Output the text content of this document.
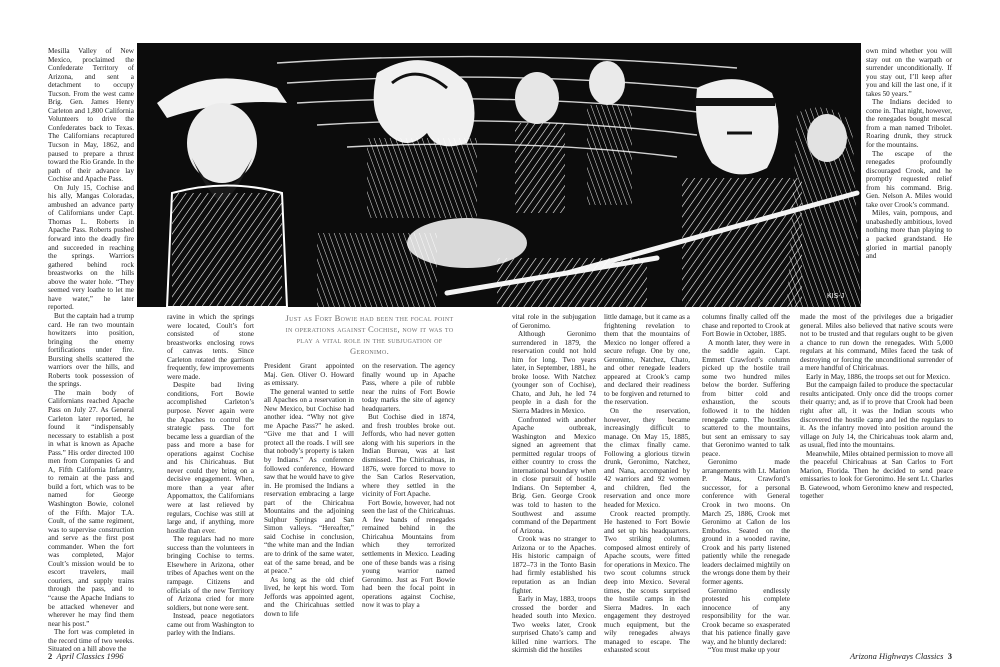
Mesilla Valley of New Mexico, proclaimed the Confederate Territory of Arizona, and sent a detachment to occupy Tucson. From the west came Brig. Gen. James Henry Carleton and 1,800 California Volunteers to drive the Confederates back to Texas. The Californians recaptured Tucson in May, 1862, and paused to prepare a thrust toward the Rio Grande. In the path of their advance lay Cochise and Apache Pass.

On July 15, Cochise and his ally, Mangas Coloradas, ambushed an advance party of Californians under Capt. Thomas L. Roberts in Apache Pass. Roberts pushed forward into the deadly fire and succeeded in reaching the springs. Warriors gathered behind rock breastworks on the hills above the water hole. “They seemed very loathe to let me have water,” he later reported.

But the captain had a trump card. He ran two mountain howitzers into position, bringing the enemy fortifications under fire. Bursting shells scattered the warriors over the hills, and Roberts took possession of the springs.

The main body of Californians reached Apache Pass on July 27. As General Carleton later reported, he found it “indispensably necessary to establish a post in what is known as Apache Pass.” His order directed 100 men from Companies G and A, Fifth California Infantry, to remain at the pass and build a fort, which was to be named for George Washington Bowie, colonel of the Fifth. Major T.A. Coult, of the same regiment, was to supervise construction and serve as the first post commander. When the fort was completed, Major Coult’s mission would be to escort travelers, mail couriers, and supply trains through the pass, and to “cause the Apache Indians to be attacked whenever and wherever he may find them near his post.”

The fort was completed in the record time of two weeks. Situated on a hill above the

ravine in which the springs were located, Coult’s fort consisted of stone breastworks enclosing rows of canvas tents. Since Carleton rotated the garrison frequently, few improvements were made.

Despite bad living conditions, Fort Bowie accomplished Carleton’s purpose. Never again were the Apaches to control the strategic pass. The fort became less a guardian of the pass and more a base for operations against Cochise and his Chiricahuas. But never could they bring on a decisive engagement. When, more than a year after Appomattox, the Californians were at last relieved by regulars, Cochise was still at large and, if anything, more hostile than ever.

The regulars had no more success than the volunteers in bringing Cochise to terms. Elsewhere in Arizona, other tribes of Apaches went on the rampage. Citizens and officials of the new Territory of Arizona cried for more soldiers, but none were sent.

Instead, peace negotiators came out from Washington to parley with the Indians.

Just as Fort Bowie had been the focal point in operations against Cochise, now it was to play a vital role in the subjugation of Geronimo.

President Grant appointed Maj. Gen. Oliver O. Howard as emissary.

The general wanted to settle all Apaches on a reservation in New Mexico, but Cochise had another idea. “Why not give me Apache Pass?” he asked. “Give me that and I will protect all the roads. I will see that nobody’s property is taken by Indians.” As conference followed conference, Howard saw that he would have to give in. He promised the Indians a reservation embracing a large part of the Chiricahua Mountains and the adjoining Sulphur Springs and San Simon valleys. “Hereafter,” said Cochise in conclusion, “the white man and the Indian are to drink of the same water, eat of the same bread, and be at peace.”

As long as the old chief lived, he kept his word. Tom Jeffords was appointed agent, and the Chiricahuas settled down to life

on the reservation. The agency finally wound up in Apache Pass, where a pile of rubble near the ruins of Fort Bowie today marks the site of agency headquarters.

But Cochise died in 1874, and fresh troubles broke out. Jeffords, who had never gotten along with his superiors in the Indian Bureau, was at last dismissed. The Chiricahuas, in 1876, were forced to move to the San Carlos Reservation, where they settled in the vicinity of Fort Apache.

Fort Bowie, however, had not seen the last of the Chiricahuas. A few bands of renegades remained behind in the Chiricahua Mountains from which they terrorized settlements in Mexico. Leading one of these bands was a rising young warrior named Geronimo. Just as Fort Bowie had been the focal point in operations against Cochise, now it was to play a

vital role in the subjugation of Geronimo.

Although Geronimo surrendered in 1879, the reservation could not hold him for long. Two years later, in September, 1881, he broke loose. With Natchez (younger son of Cochise), Chato, and Juh, he led 74 people in a dash for the Sierra Madres in Mexico.

Confronted with another Apache outbreak, Washington and Mexico signed an agreement that permitted regular troops of either country to cross the international boundary when in close pursuit of hostile Indians. On September 4, Brig. Gen. George Crook was told to hasten to the Southwest and assume command of the Department of Arizona.

Crook was no stranger to Arizona or to the Apaches. His historic campaign of 1872–73 in the Tonto Basin had firmly established his reputation as an Indian fighter.

Early in May, 1883, troops crossed the border and headed south into Mexico. Two weeks later, Crook surprised Chato’s camp and killed nine warriors. The skirmish did the hostiles

little damage, but it came as a frightening revelation to them that the mountains of Mexico no longer offered a secure refuge. One by one, Geronimo, Natchez, Chato, and other renegade leaders appeared at Crook’s camp and declared their readiness to be forgiven and returned to the reservation.

On the reservation, however, they became increasingly difficult to manage. On May 15, 1885, the climax finally came. Following a glorious tizwin drunk, Geronimo, Natchez, and Nana, accompanied by 42 warriors and 92 women and children, fled the reservation and once more headed for Mexico.

Crook reacted promptly. He hastened to Fort Bowie and set up his headquarters. Two striking columns, composed almost entirely of Apache scouts, were fitted for operations in Mexico. The two scout columns struck deep into Mexico. Several times, the scouts surprised the hostile camps in the Sierra Madres. In each engagement they destroyed much equipment, but the wily renegades always managed to escape. The exhausted scout

columns finally called off the chase and reported to Crook at Fort Bowie in October, 1885.

A month later, they were in the saddle again. Capt. Emmett Crawford’s column picked up the hostile trail some two hundred miles below the border. Suffering from bitter cold and exhaustion, the scouts followed it to the hidden renegade camp. The hostiles scattered to the mountains, but sent an emissary to say that Geronimo wanted to talk peace.

Geronimo made arrangements with Lt. Marion P. Maus, Crawford’s successor, for a personal conference with General Crook in two moons. On March 25, 1886, Crook met Geronimo at Cañon de los Embudos. Seated on the ground in a wooded ravine, Crook and his party listened patiently while the renegade leaders declaimed mightily on the wrongs done them by their former agents.

Geronimo endlessly protested his complete innocence of any responsibility for the war. Crook became so exasperated that his patience finally gave way, and he bluntly declared:

“You must make up your

own mind whether you will stay out on the warpath or surrender unconditionally. If you stay out, I’ll keep after you and kill the last one, if it takes 50 years.”

The Indians decided to come in. That night, however, the renegades bought mescal from a man named Tribolet. Roaring drunk, they struck for the mountains.

The escape of the renegades profoundly discouraged Crook, and he promptly requested relief from his command. Brig. Gen. Nelson A. Miles would take over Crook’s command.

Miles, vain, pompous, and unabashedly ambitious, loved nothing more than playing to a packed grandstand. He gloried in martial panoply and

made the most of the privileges due a brigadier general. Miles also believed that native scouts were not to be trusted and that regulars ought to be given a chance to run down the renegades. With 5,000 regulars at his command, Miles faced the task of destroying or forcing the unconditional surrender of a mere handful of Chiricahuas.

Early in May, 1886, the troops set out for Mexico.

But the campaign failed to produce the spectacular results anticipated. Only once did the troops corner their quarry; and, as if to prove that Crook had been right after all, it was the Indian scouts who discovered the hostile camp and led the regulars to it. As the infantry moved into position around the village on July 14, the Chiricahuas took alarm and, as usual, fled into the mountains.

Meanwhile, Miles obtained permission to move all the peaceful Chiricahuas at San Carlos to Fort Marion, Florida. Then he decided to send peace emissaries to look for Geronimo. He sent Lt. Charles B. Gatewood, whom Geronimo knew and respected, together

KIS-J
2 April Classics 1996	Arizona Highways Classics 3
